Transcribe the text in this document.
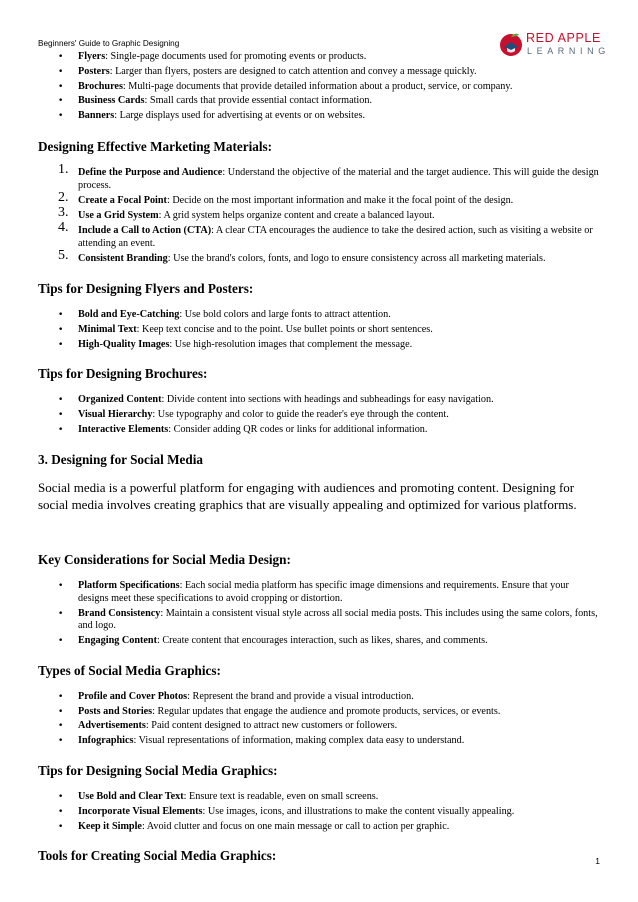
Beginners' Guide to Graphic Designing	RED APPLE
LEARNING
• Flyers: Single-page documents used for promoting events or products.
• Posters: Larger than flyers, posters are designed to catch attention and convey a message quickly.
• Brochures: Multi-page documents that provide detailed information about a product, service, or company.
• Business Cards: Small cards that provide essential contact information.
• Banners: Large displays used for advertising at events or on websites.
Designing Effective Marketing Materials:
1. Define the Purpose and Audience: Understand the objective of the material and the target audience. This will guide the design process.
2. Create a Focal Point: Decide on the most important information and make it the focal point of the design.
3. Use a Grid System: A grid system helps organize content and create a balanced layout.
4. Include a Call to Action (CTA): A clear CTA encourages the audience to take the desired action, such as visiting a website or attending an event.
5. Consistent Branding: Use the brand's colors, fonts, and logo to ensure consistency across all marketing materials.
Tips for Designing Flyers and Posters:
• Bold and Eye-Catching: Use bold colors and large fonts to attract attention.
• Minimal Text: Keep text concise and to the point. Use bullet points or short sentences.
• High-Quality Images: Use high-resolution images that complement the message.
Tips for Designing Brochures:
• Organized Content: Divide content into sections with headings and subheadings for easy navigation.
• Visual Hierarchy: Use typography and color to guide the reader's eye through the content.
• Interactive Elements: Consider adding QR codes or links for additional information.
3. Designing for Social Media

Social media is a powerful platform for engaging with audiences and promoting content. Designing for social media involves creating graphics that are visually appealing and optimized for various platforms.

Key Considerations for Social Media Design:
• Platform Specifications: Each social media platform has specific image dimensions and requirements. Ensure that your designs meet these specifications to avoid cropping or distortion.
• Brand Consistency: Maintain a consistent visual style across all social media posts. This includes using the same colors, fonts, and logo.
• Engaging Content: Create content that encourages interaction, such as likes, shares, and comments.
Types of Social Media Graphics:
• Profile and Cover Photos: Represent the brand and provide a visual introduction.
• Posts and Stories: Regular updates that engage the audience and promote products, services, or events.
• Advertisements: Paid content designed to attract new customers or followers.
• Infographics: Visual representations of information, making complex data easy to understand.
Tips for Designing Social Media Graphics:
• Use Bold and Clear Text: Ensure text is readable, even on small screens.
• Incorporate Visual Elements: Use images, icons, and illustrations to make the content visually appealing.
• Keep it Simple: Avoid clutter and focus on one main message or call to action per graphic.
Tools for Creating Social Media Graphics:	1
